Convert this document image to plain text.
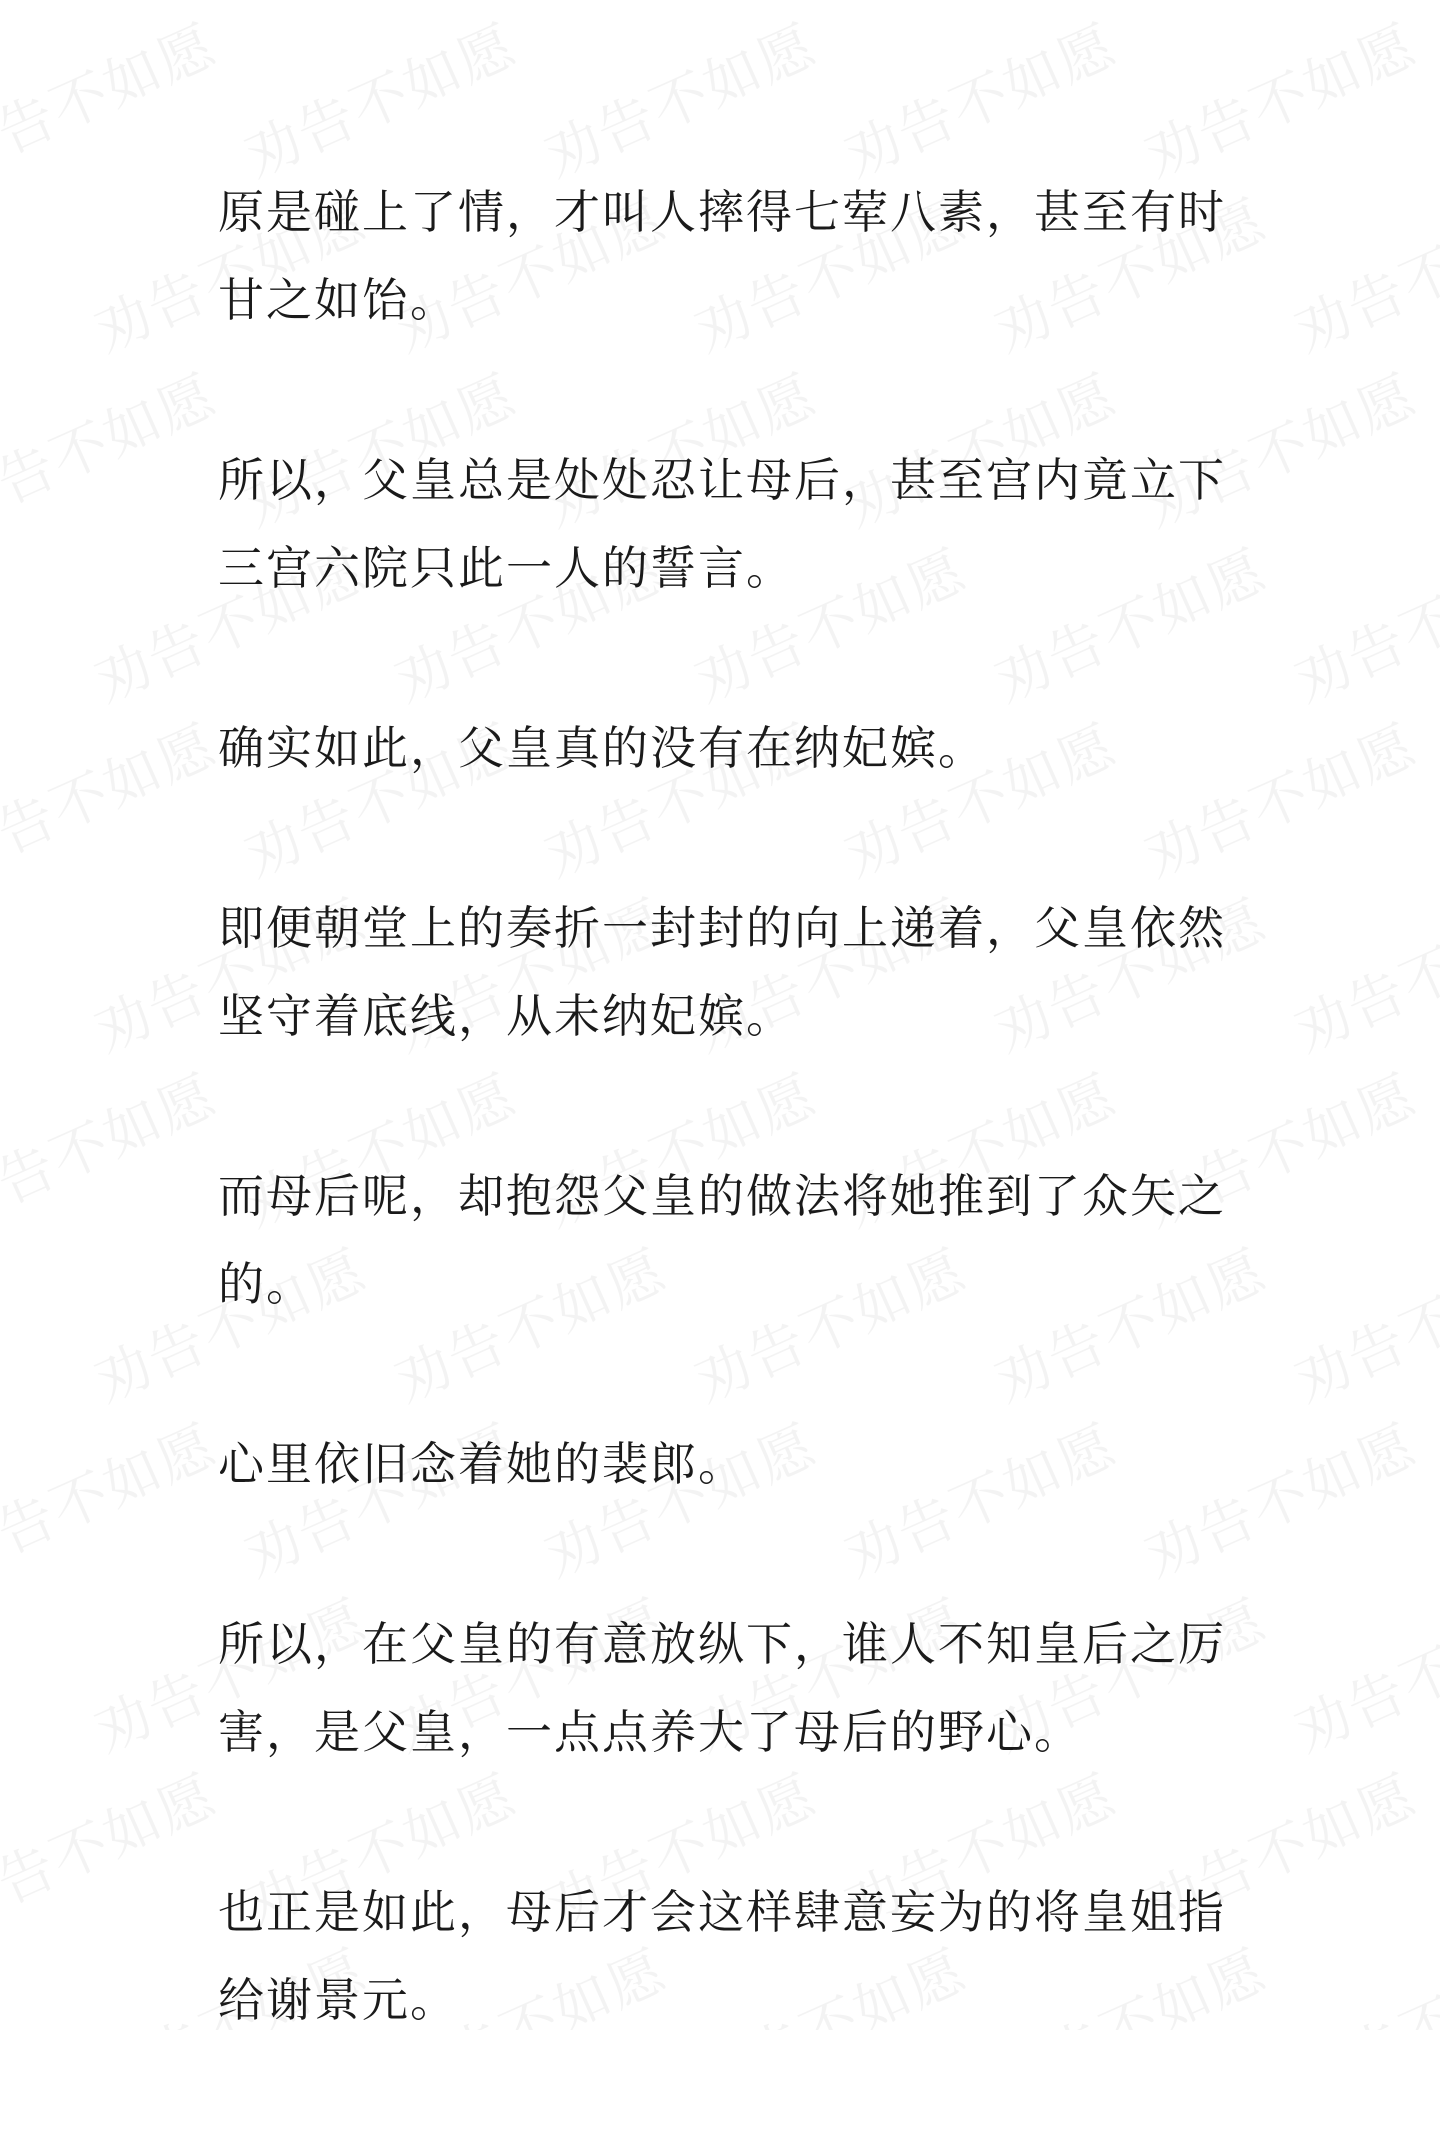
原是碰上了情，才叫人摔得七荤八素，甚至有时甘之如饴。

所以，父皇总是处处忍让母后，甚至宫内竟立下三宫六院只此一人的誓言。

确实如此，父皇真的没有在纳妃嫔。

即便朝堂上的奏折一封封的向上递着，父皇依然坚守着底线，从未纳妃嫔。

而母后呢，却抱怨父皇的做法将她推到了众矢之的。

心里依旧念着她的裴郎。

所以，在父皇的有意放纵下，谁人不知皇后之厉害，是父皇，一点点养大了母后的野心。

也正是如此，母后才会这样肆意妄为的将皇姐指给谢景元。
